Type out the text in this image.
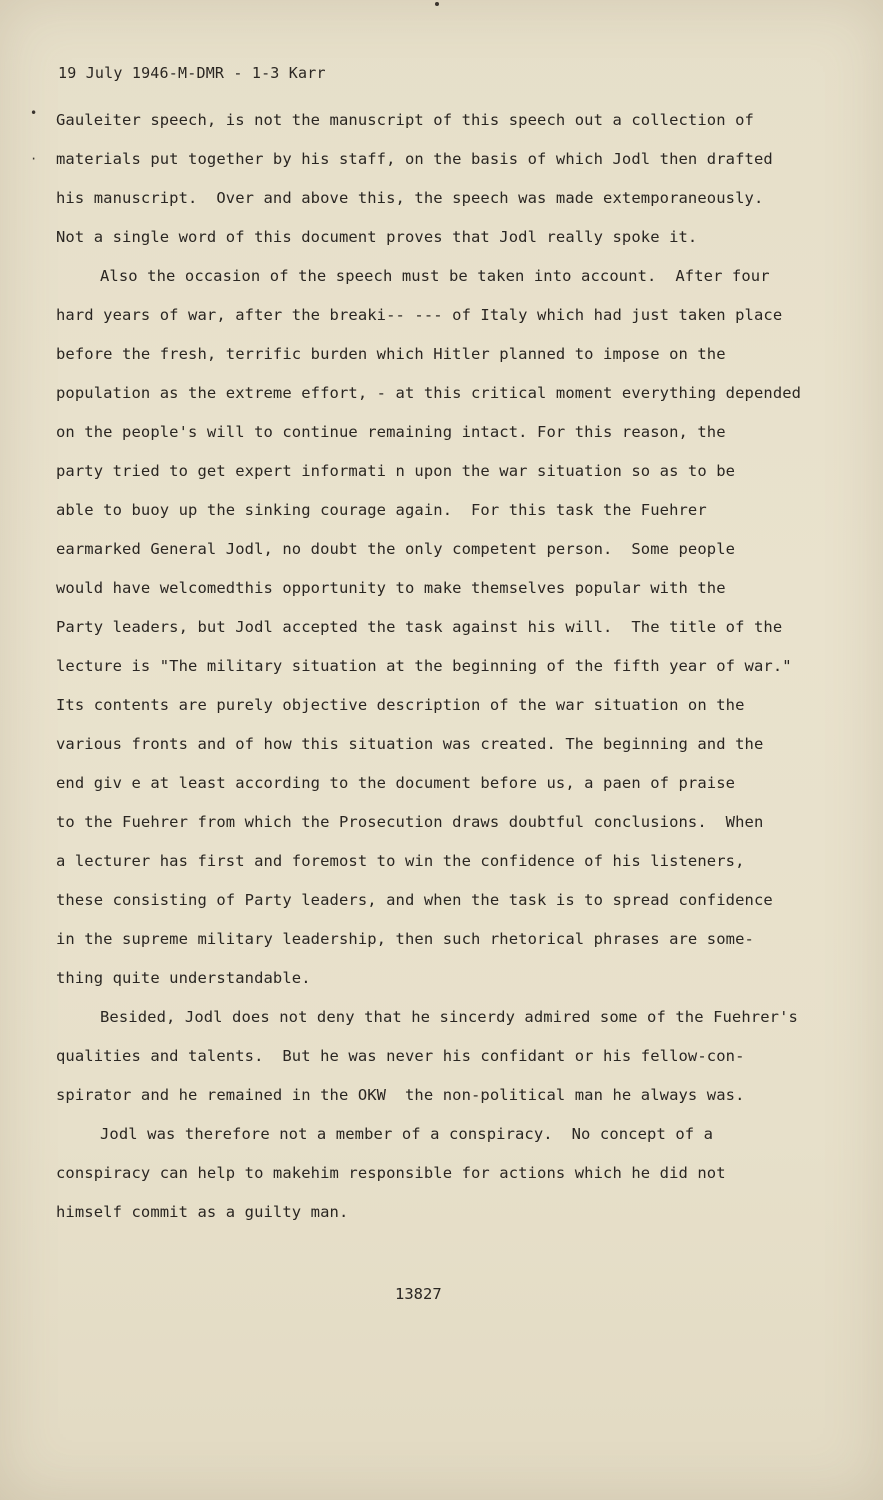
•
·
19 July 1946-M-DMR - 1-3 Karr
Gauleiter speech, is not the manuscript of this speech out a collection of
materials put together by his staff, on the basis of which Jodl then drafted
his manuscript.  Over and above this, the speech was made extemporaneously.
Not a single word of this document proves that Jodl really spoke it.
Also the occasion of the speech must be taken into account.  After four
hard years of war, after the breaki-- --- of Italy which had just taken place
before the fresh, terrific burden which Hitler planned to impose on the
population as the extreme effort, - at this critical moment everything depended
on the people's will to continue remaining intact. For this reason, the
party tried to get expert informati n upon the war situation so as to be
able to buoy up the sinking courage again.  For this task the Fuehrer
earmarked General Jodl, no doubt the only competent person.  Some people
would have welcomedthis opportunity to make themselves popular with the
Party leaders, but Jodl accepted the task against his will.  The title of the
lecture is "The military situation at the beginning of the fifth year of war."
Its contents are purely objective description of the war situation on the
various fronts and of how this situation was created. The beginning and the
end giv e at least according to the document before us, a paen of praise
to the Fuehrer from which the Prosecution draws doubtful conclusions.  When
a lecturer has first and foremost to win the confidence of his listeners,
these consisting of Party leaders, and when the task is to spread confidence
in the supreme military leadership, then such rhetorical phrases are some-
thing quite understandable.
Besided, Jodl does not deny that he sincerdy admired some of the Fuehrer's
qualities and talents.  But he was never his confidant or his fellow-con-
spirator and he remained in the OKW  the non-political man he always was.
Jodl was therefore not a member of a conspiracy.  No concept of a
conspiracy can help to makehim responsible for actions which he did not
himself commit as a guilty man.
13827
